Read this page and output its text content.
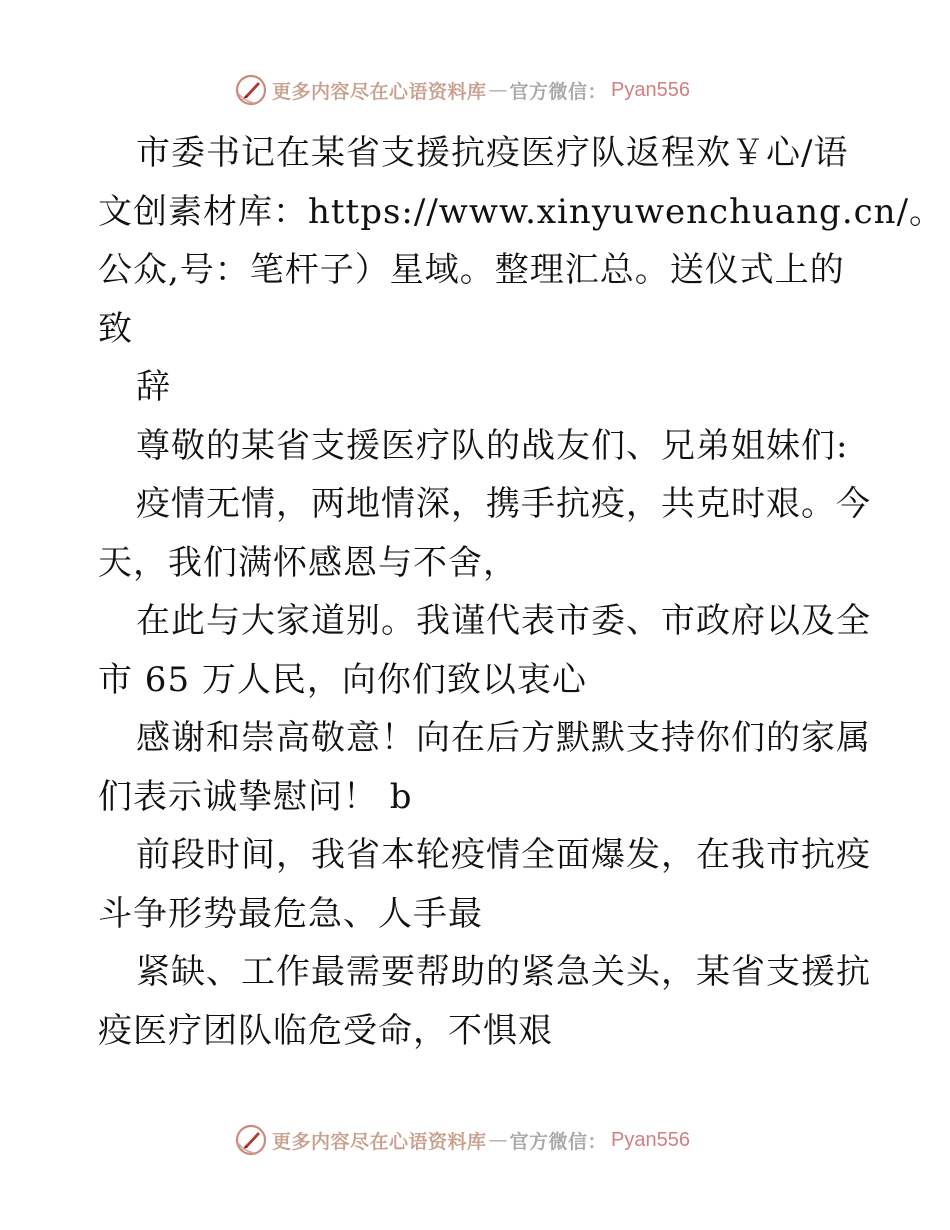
更多内容尽在心语资料库 — 官方微信： Pyan556
市委书记在某省支援抗疫医疗队返程欢￥心/语
文创素材库：https://www.xinyuwenchuang.cn/。
公众,号：笔杆子）星域。整理汇总。送仪式上的
致
辞
尊敬的某省支援医疗队的战友们、兄弟姐妹们:
疫情无情，两地情深，携手抗疫，共克时艰。今
天，我们满怀感恩与不舍，
在此与大家道别。我谨代表市委、市政府以及全
市 65 万人民，向你们致以衷心
感谢和崇高敬意！向在后方默默支持你们的家属
们表示诚挚慰问！ b
前段时间，我省本轮疫情全面爆发，在我市抗疫
斗争形势最危急、人手最
紧缺、工作最需要帮助的紧急关头，某省支援抗
疫医疗团队临危受命，不惧艰
更多内容尽在心语资料库 — 官方微信： Pyan556
